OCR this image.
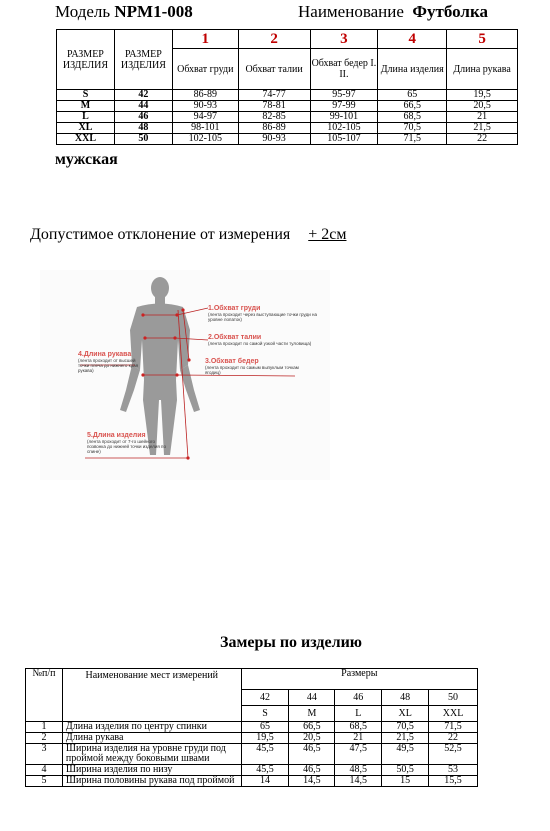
Модель NPM1-008	Наименование Футболка
РАЗМЕР ИЗДЕЛИЯ	РАЗМЕР ИЗДЕЛИЯ	1	2	3	4	5
		Обхват груди	Обхват талии	Обхват бедер I. II.	Длина изделия	Длина рукава
S	42	86-89	74-77	95-97	65	19,5
M	44	90-93	78-81	97-99	66,5	20,5
L	46	94-97	82-85	99-101	68,5	21
XL	48	98-101	86-89	102-105	70,5	21,5
XXL	50	102-105	90-93	105-107	71,5	22
мужская
Допустимое отклонение от измерения + 2см
1.Обхват груди
(лента проходит через выступающие точки груди на уровне лопаток)
2.Обхват талии
(лента проходит по самой узкой части туловища)
3.Обхват бедер
(лента проходит по самым выпуклым точкам ягодиц)
4.Длина рукава
(лента проходит от высшей точки плеча до нижнего края рукава)
5.Длина изделия
(лента проходит от 7-го шейного позвонка до нижней точки изделия по спине)
Замеры по изделию
№п/п	Наименование мест измерений	Размеры				
		42	44	46	48	50
		S	M	L	XL	XXL
1	Длина изделия по центру спинки	65	66,5	68,5	70,5	71,5
2	Длина рукава	19,5	20,5	21	21,5	22
3	Ширина изделия на уровне груди под проймой между боковыми швами	45,5	46,5	47,5	49,5	52,5
4	Ширина изделия по низу	45,5	46,5	48,5	50,5	53
5	Ширина половины рукава под проймой	14	14,5	14,5	15	15,5
